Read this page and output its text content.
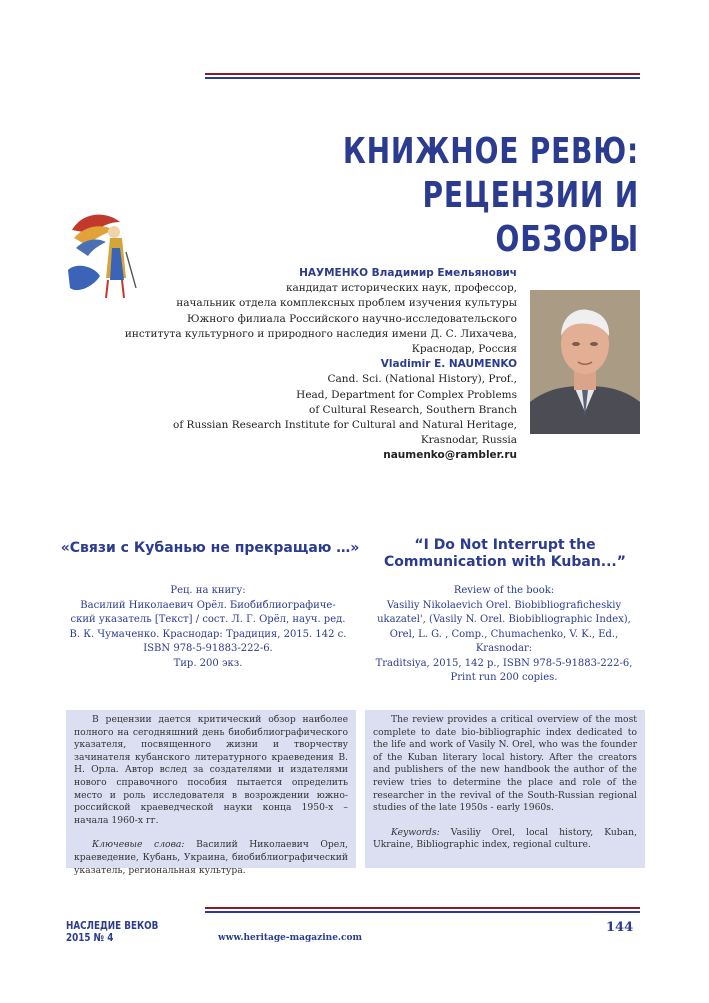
КНИЖНОЕ РЕВЮ:
РЕЦЕНЗИИ И ОБЗОРЫ
НАУМЕНКО Владимир Емельянович
кандидат исторических наук, профессор,
начальник отдела комплексных проблем изучения культуры
Южного филиала Российского научно-исследовательского
института культурного и природного наследия имени Д. С. Лихачева,
Краснодар, Россия
Vladimir E. NAUMENKO
Cand. Sci. (National History), Prof.,
Head, Department for Complex Problems
of Cultural Research, Southern Branch
of Russian Research Institute for Cultural and Natural Heritage,
Krasnodar, Russia
naumenko@rambler.ru
«Связи с Кубанью не прекращаю …»	“I Do Not Interrupt the
Communication with Kuban...”
Рец. на книгу:
Василий Николаевич Орёл. Биобиблиографиче-
ский указатель [Текст] / сост. Л. Г. Орёл, науч. ред.
В. К. Чумаченко. Краснодар: Традиция, 2015. 142 с.
ISBN 978-5-91883-222-6.
Тир. 200 экз.
Review of the book:
Vasiliy Nikolaevich Orel. Biobibliograficheskiy
ukazatel', (Vasily N. Orel. Biobibliographic Index),
Orel, L. G. , Comp., Chumachenko, V. K., Ed., Krasnodar:
Traditsiya, 2015, 142 p., ISBN 978-5-91883-222-6,
Print run 200 copies.

В рецензии дается критический обзор наиболее полного на сегодняшний день биобиблиографического указателя, посвященного жизни и творчеству зачинателя кубанского литературного краеведения В. Н. Орла. Автор вслед за создателями и издателями нового справочного пособия пытается определить место и роль исследователя в возрождении южно-российской краеведческой науки конца 1950-х – начала 1960-х гг.

Ключевые слова: Василий Николаевич Орел, краеведение, Кубань, Украина, биобиблиографический указатель, региональная культура.

The review provides a critical overview of the most complete to date bio-bibliographic index dedicated to the life and work of Vasily N. Orel, who was the founder of the Kuban literary local history. After the creators and publishers of the new handbook the author of the review tries to determine the place and role of the researcher in the revival of the South-Russian regional studies of the late 1950s - early 1960s.

Keywords: Vasiliy Orel, local history, Kuban, Ukraine, Bibliographic index, regional culture.

НАСЛЕДИЕ ВЕКОВ
2015 № 4	www.heritage-magazine.com
144
